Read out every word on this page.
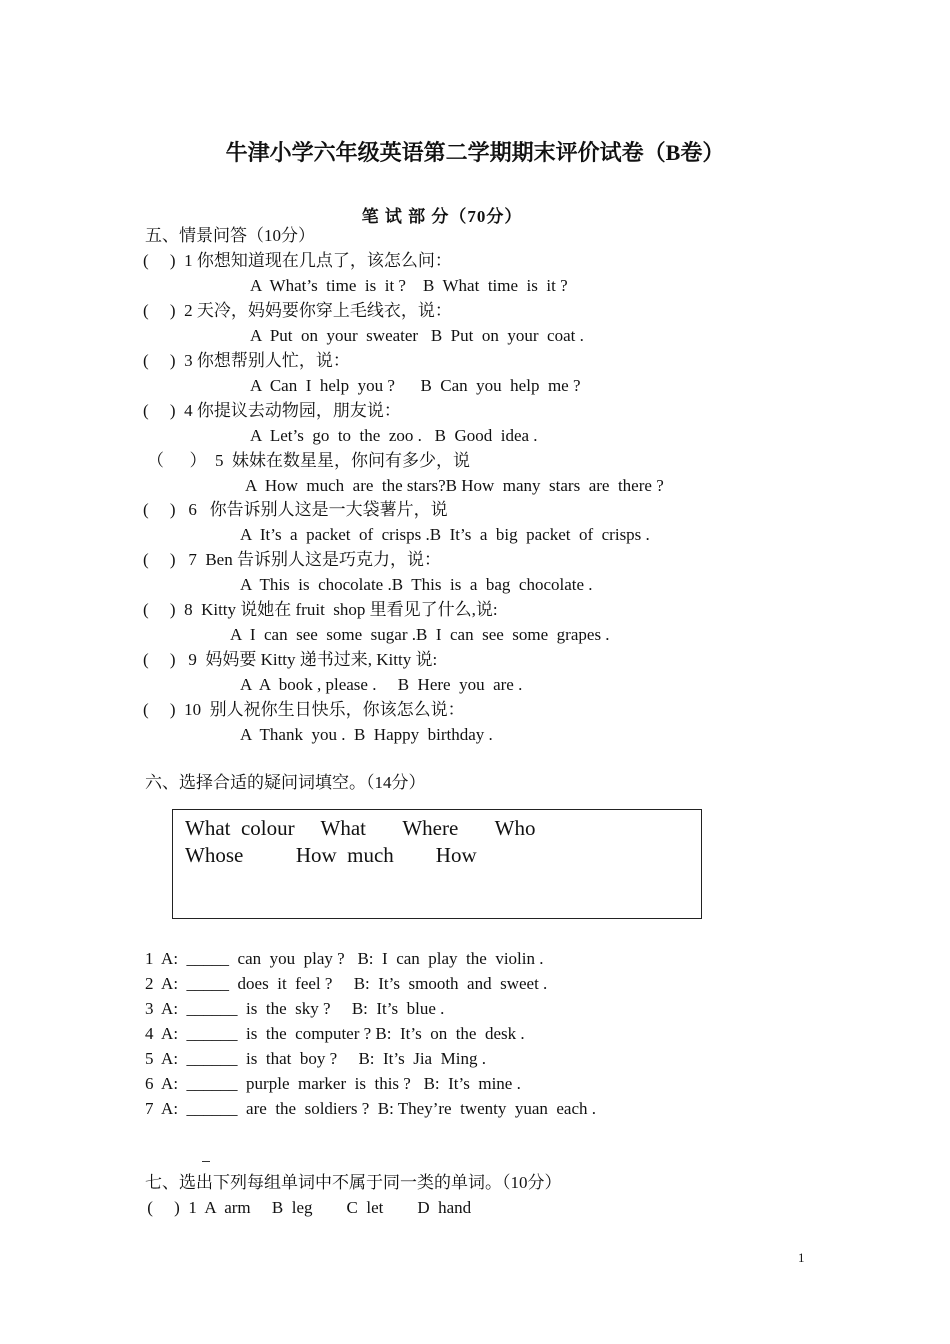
牛津小学六年级英语第二学期期末评价试卷（B卷）
笔 试 部 分（70分）
五、情景问答（10分）
(     )  1 你想知道现在几点了，该怎么问：
A  What’s  time  is  it ?    B  What  time  is  it ?
(     )  2 天冷，妈妈要你穿上毛线衣，说：
A  Put  on  your  sweater   B  Put  on  your  coat .
(     )  3 你想帮别人忙，说：
A  Can  I  help  you ?      B  Can  you  help  me ?
(     )  4 你提议去动物园，朋友说：
A  Let’s  go  to  the  zoo .   B  Good  idea .
（      ）  5  妹妹在数星星，你问有多少，说
A  How  much  are  the stars?B How  many  stars  are  there ?
(     )   6   你告诉别人这是一大袋薯片，说
A  It’s  a  packet  of  crisps .B  It’s  a  big  packet  of  crisps .
(     )   7  Ben 告诉别人这是巧克力，说：
A  This  is  chocolate .B  This  is  a  bag  chocolate .
(     )  8  Kitty 说她在 fruit  shop 里看见了什么,说:
A  I  can  see  some  sugar .B  I  can  see  some  grapes .
(     )   9  妈妈要 Kitty 递书过来, Kitty 说:
A  A  book , please .     B  Here  you  are .
(     )  10  别人祝你生日快乐，你该怎么说：
A  Thank  you .  B  Happy  birthday .
六、选择合适的疑问词填空。（14分）
What  colour     What       Where       Who
Whose          How  much        How
1  A:  _____  can  you  play ?   B:  I  can  play  the  violin .
2  A:  _____  does  it  feel ?     B:  It’s  smooth  and  sweet .
3  A:  ______  is  the  sky ?     B:  It’s  blue .
4  A:  ______  is  the  computer ? B:  It’s  on  the  desk .
5  A:  ______  is  that  boy ?     B:  It’s  Jia  Ming .
6  A:  ______  purple  marker  is  this ?   B:  It’s  mine .
7  A:  ______  are  the  soldiers ?  B: They’re  twenty  yuan  each .
七、选出下列每组单词中不属于同一类的单词。（10分）
(     )  1  A  arm     B  leg        C  let        D  hand
1
